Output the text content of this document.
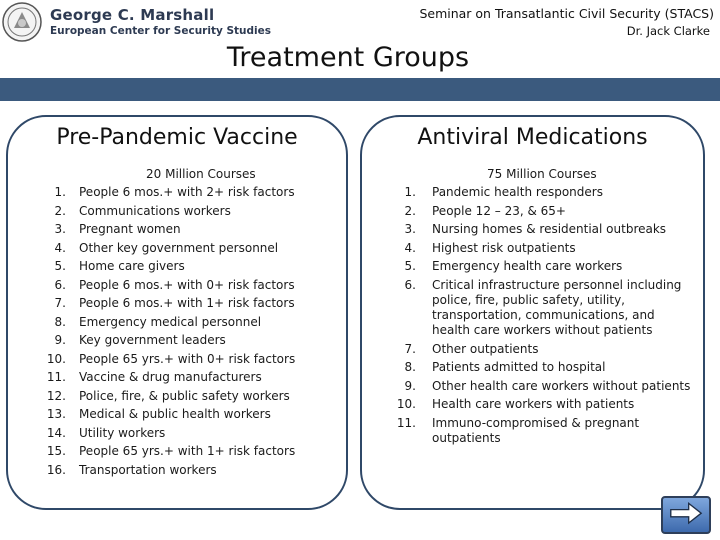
George C. Marshall
European Center for Security Studies
Seminar on Transatlantic Civil Security (STACS)
Dr. Jack Clarke
Treatment Groups
Pre-Pandemic Vaccine
20 Million Courses
1. People 6 mos.+ with 2+ risk factors
2. Communications workers
3. Pregnant women
4. Other key government personnel
5. Home care givers
6. People 6 mos.+ with 0+ risk factors
7. People 6 mos.+ with 1+ risk factors
8. Emergency medical personnel
9. Key government leaders
10. People 65 yrs.+ with 0+ risk factors
11. Vaccine & drug manufacturers
12. Police, fire, & public safety workers
13. Medical & public health workers
14. Utility workers
15. People 65 yrs.+ with 1+ risk factors
16. Transportation workers
Antiviral Medications
75 Million Courses
1. Pandemic health responders
2. People 12 – 23, & 65+
3. Nursing homes & residential outbreaks
4. Highest risk outpatients
5. Emergency health care workers
6. Critical infrastructure personnel including
police, fire, public safety, utility,
transportation, communications, and
health care workers without patients
7. Other outpatients
8. Patients admitted to hospital
9. Other health care workers without patients
10. Health care workers with patients
11. Immuno-compromised & pregnant
outpatients
